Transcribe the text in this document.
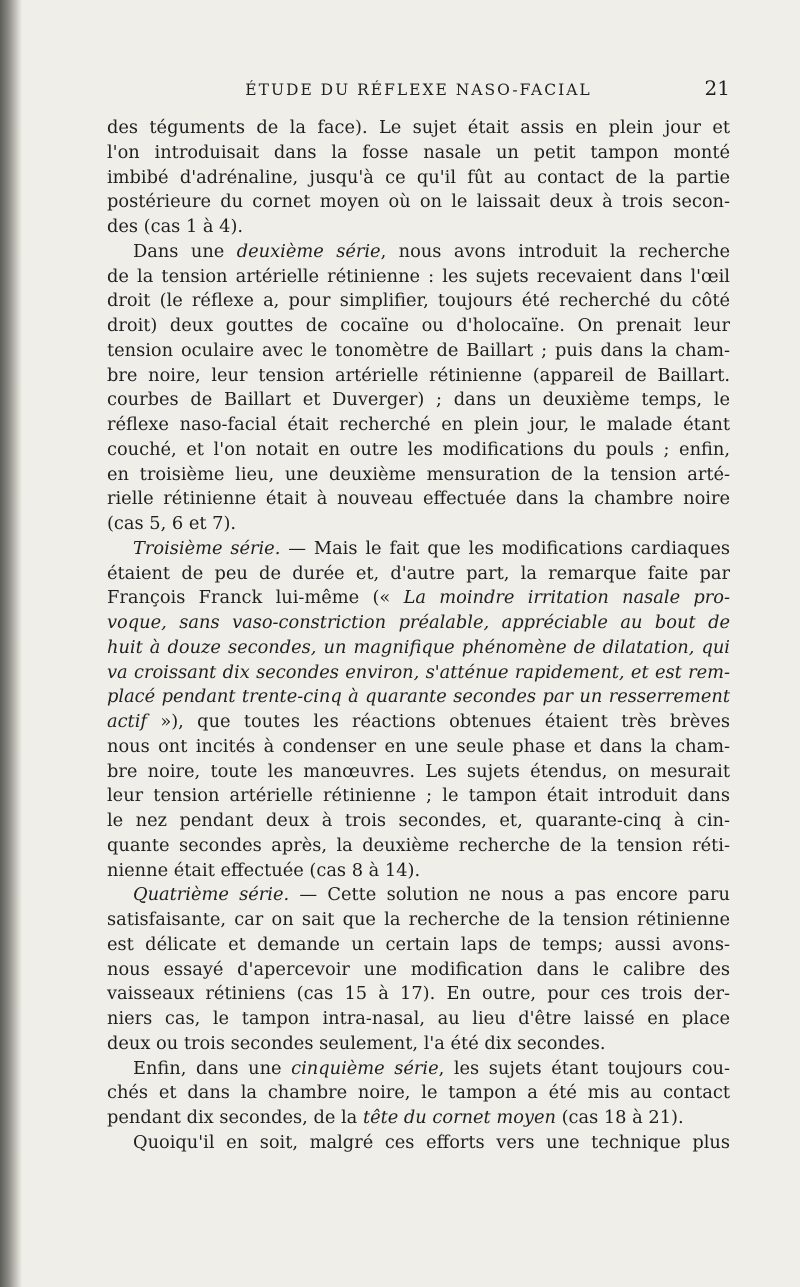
ÉTUDE DU RÉFLEXE NASO-FACIAL	21
des téguments de la face). Le sujet était assis en plein jour et
l'on introduisait dans la fosse nasale un petit tampon monté
imbibé d'adrénaline, jusqu'à ce qu'il fût au contact de la partie
postérieure du cornet moyen où on le laissait deux à trois secon-
des (cas 1 à 4).
Dans une deuxième série, nous avons introduit la recherche
de la tension artérielle rétinienne : les sujets recevaient dans l'œil
droit (le réflexe a, pour simplifier, toujours été recherché du côté
droit) deux gouttes de cocaïne ou d'holocaïne. On prenait leur
tension oculaire avec le tonomètre de Baillart ; puis dans la cham-
bre noire, leur tension artérielle rétinienne (appareil de Baillart.
courbes de Baillart et Duverger) ; dans un deuxième temps, le
réflexe naso-facial était recherché en plein jour, le malade étant
couché, et l'on notait en outre les modifications du pouls ; enfin,
en troisième lieu, une deuxième mensuration de la tension arté-
rielle rétinienne était à nouveau effectuée dans la chambre noire
(cas 5, 6 et 7).
Troisième série. — Mais le fait que les modifications cardiaques
étaient de peu de durée et, d'autre part, la remarque faite par
François Franck lui-même (« La moindre irritation nasale pro-
voque, sans vaso-constriction préalable, appréciable au bout de
huit à douze secondes, un magnifique phénomène de dilatation, qui
va croissant dix secondes environ, s'atténue rapidement, et est rem-
placé pendant trente-cinq à quarante secondes par un resserrement
actif »), que toutes les réactions obtenues étaient très brèves
nous ont incités à condenser en une seule phase et dans la cham-
bre noire, toute les manœuvres. Les sujets étendus, on mesurait
leur tension artérielle rétinienne ; le tampon était introduit dans
le nez pendant deux à trois secondes, et, quarante-cinq à cin-
quante secondes après, la deuxième recherche de la tension réti-
nienne était effectuée (cas 8 à 14).
Quatrième série. — Cette solution ne nous a pas encore paru
satisfaisante, car on sait que la recherche de la tension rétinienne
est délicate et demande un certain laps de temps; aussi avons-
nous essayé d'apercevoir une modification dans le calibre des
vaisseaux rétiniens (cas 15 à 17). En outre, pour ces trois der-
niers cas, le tampon intra-nasal, au lieu d'être laissé en place
deux ou trois secondes seulement, l'a été dix secondes.
Enfin, dans une cinquième série, les sujets étant toujours cou-
chés et dans la chambre noire, le tampon a été mis au contact
pendant dix secondes, de la tête du cornet moyen (cas 18 à 21).
Quoiqu'il en soit, malgré ces efforts vers une technique plus
